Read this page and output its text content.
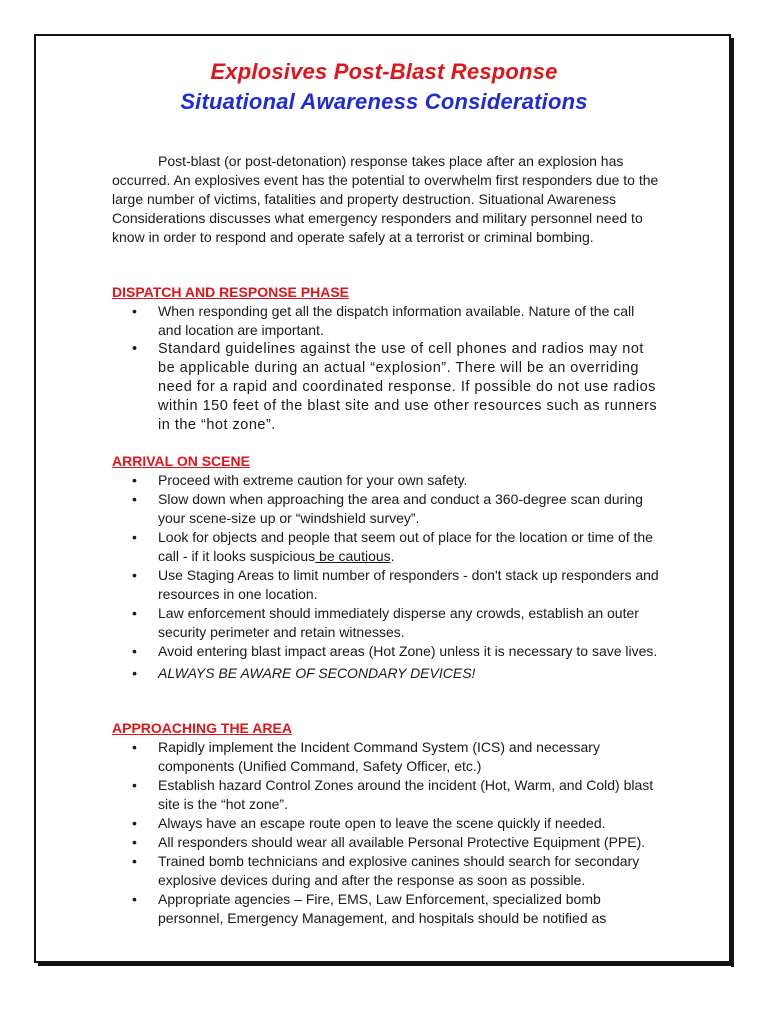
Explosives Post-Blast Response
Situational Awareness Considerations

Post-blast (or post-detonation) response takes place after an explosion has occurred. An explosives event has the potential to overwhelm first responders due to the large number of victims, fatalities and property destruction. Situational Awareness Considerations discusses what emergency responders and military personnel need to know in order to respond and operate safely at a terrorist or criminal bombing.

DISPATCH AND RESPONSE PHASE
• When responding get all the dispatch information available. Nature of the call and location are important.
• Standard guidelines against the use of cell phones and radios may not be applicable during an actual “explosion”. There will be an overriding need for a rapid and coordinated response. If possible do not use radios within 150 feet of the blast site and use other resources such as runners in the “hot zone”.
ARRIVAL ON SCENE
• Proceed with extreme caution for your own safety.
• Slow down when approaching the area and conduct a 360-degree scan during your scene-size up or “windshield survey”.
• Look for objects and people that seem out of place for the location or time of the call - if it looks suspicious be cautious.
• Use Staging Areas to limit number of responders - don't stack up responders and resources in one location.
• Law enforcement should immediately disperse any crowds, establish an outer security perimeter and retain witnesses.
• Avoid entering blast impact areas (Hot Zone) unless it is necessary to save lives.
• ALWAYS BE AWARE OF SECONDARY DEVICES!
APPROACHING THE AREA
• Rapidly implement the Incident Command System (ICS) and necessary components (Unified Command, Safety Officer, etc.)
• Establish hazard Control Zones around the incident (Hot, Warm, and Cold) blast site is the “hot zone”.
• Always have an escape route open to leave the scene quickly if needed.
• All responders should wear all available Personal Protective Equipment (PPE).
• Trained bomb technicians and explosive canines should search for secondary explosive devices during and after the response as soon as possible.
• Appropriate agencies – Fire, EMS, Law Enforcement, specialized bomb personnel, Emergency Management, and hospitals should be notified as
